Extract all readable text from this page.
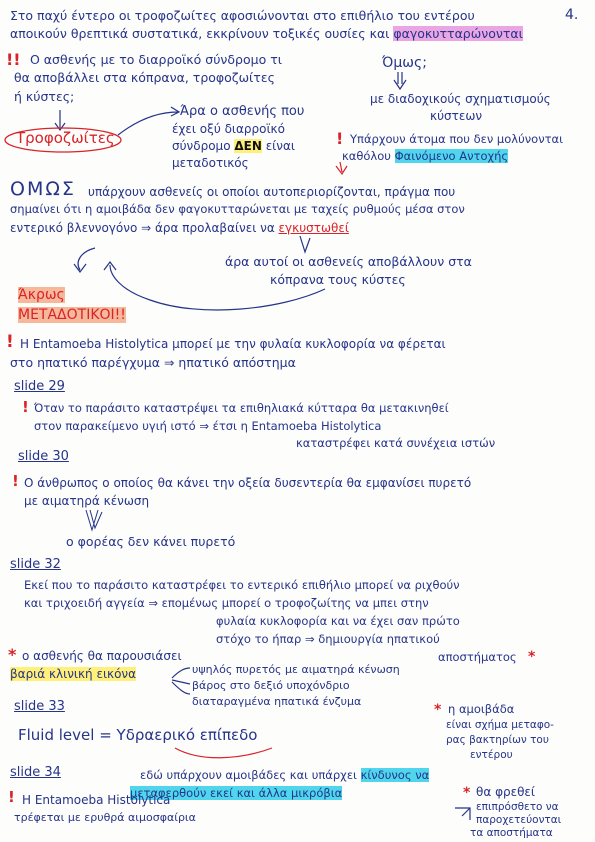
4.
Στο παχύ έντερο οι τροφοζωίτες αφοσιώνονται στο επιθήλιο του εντέρου
αποικούν θρεπτικά συστατικά, εκκρίνουν τοξικές ουσίες και φαγοκυτταρώνονται
!! Ο ασθενής με το διαρροϊκό σύνδρομο τι
θα αποβάλλει στα κόπρανα, τροφοζωίτες
ή κύστες;
Τροφοζωίτες
Άρα ο ασθενής που
έχει οξύ διαρροϊκό
σύνδρομο ΔΕΝ είναι
μεταδοτικός
Όμως;
με διαδοχικούς σχηματισμούς
κύστεων
! Υπάρχουν άτομα που δεν μολύνονται
καθόλου Φαινόμενο Αντοχής
ΟΜΩΣ υπάρχουν ασθενείς οι οποίοι αυτοπεριορίζονται, πράγμα που
σημαίνει ότι η αμοιβάδα δεν φαγοκυτταρώνεται με ταχείς ρυθμούς μέσα στον
εντερικό βλεννογόνο ⇒ άρα προλαβαίνει να εγκυστωθεί
άρα αυτοί οι ασθενείς αποβάλλουν στα
κόπρανα τους κύστες
Άκρως
ΜΕΤΑΔΟΤΙΚΟΙ!!
! Η Entamoeba Histolytica μπορεί με την φυλαία κυκλοφορία να φέρεται
στο ηπατικό παρέγχυμα ⇒ ηπατικό απόστημα
slide 29
! Όταν το παράσιτο καταστρέψει τα επιθηλιακά κύτταρα θα μετακινηθεί
στον παρακείμενο υγιή ιστό ⇒ έτσι η Entamoeba Histolytica
καταστρέφει κατά συνέχεια ιστών
slide 30
! Ο άνθρωπος ο οποίος θα κάνει την οξεία δυσεντερία θα εμφανίσει πυρετό
με αιματηρά κένωση
ο φορέας δεν κάνει πυρετό
slide 32
Εκεί που το παράσιτο καταστρέφει το εντερικό επιθήλιο μπορεί να ριχθούν
και τριχοειδή αγγεία ⇒ επομένως μπορεί ο τροφοζωίτης να μπει στην
φυλαία κυκλοφορία και να έχει σαν πρώτο
στόχο το ήπαρ ⇒ δημιουργία ηπατικού
αποστήματος *
* ο ασθενής θα παρουσιάσει
βαριά κλινική εικόνα	υψηλός πυρετός με αιματηρά κένωση
βάρος στο δεξιό υποχόνδριο
διαταραγμένα ηπατικά ένζυμα
slide 33
Fluid level = Υδραερικό επίπεδο
* η αμοιβάδα
είναι σχήμα μεταφο-
ρας βακτηρίων του
εντέρου
slide 34	εδώ υπάρχουν αμοιβάδες και υπάρχει κίνδυνος να
μεταφερθούν εκεί και άλλα μικρόβια	* θα φρεθεί
επιπρόσθετο να
παροχετεύονται
τα αποστήματα
! Η Entamoeba Histolytica
τρέφεται με ερυθρά αιμοσφαίρια
